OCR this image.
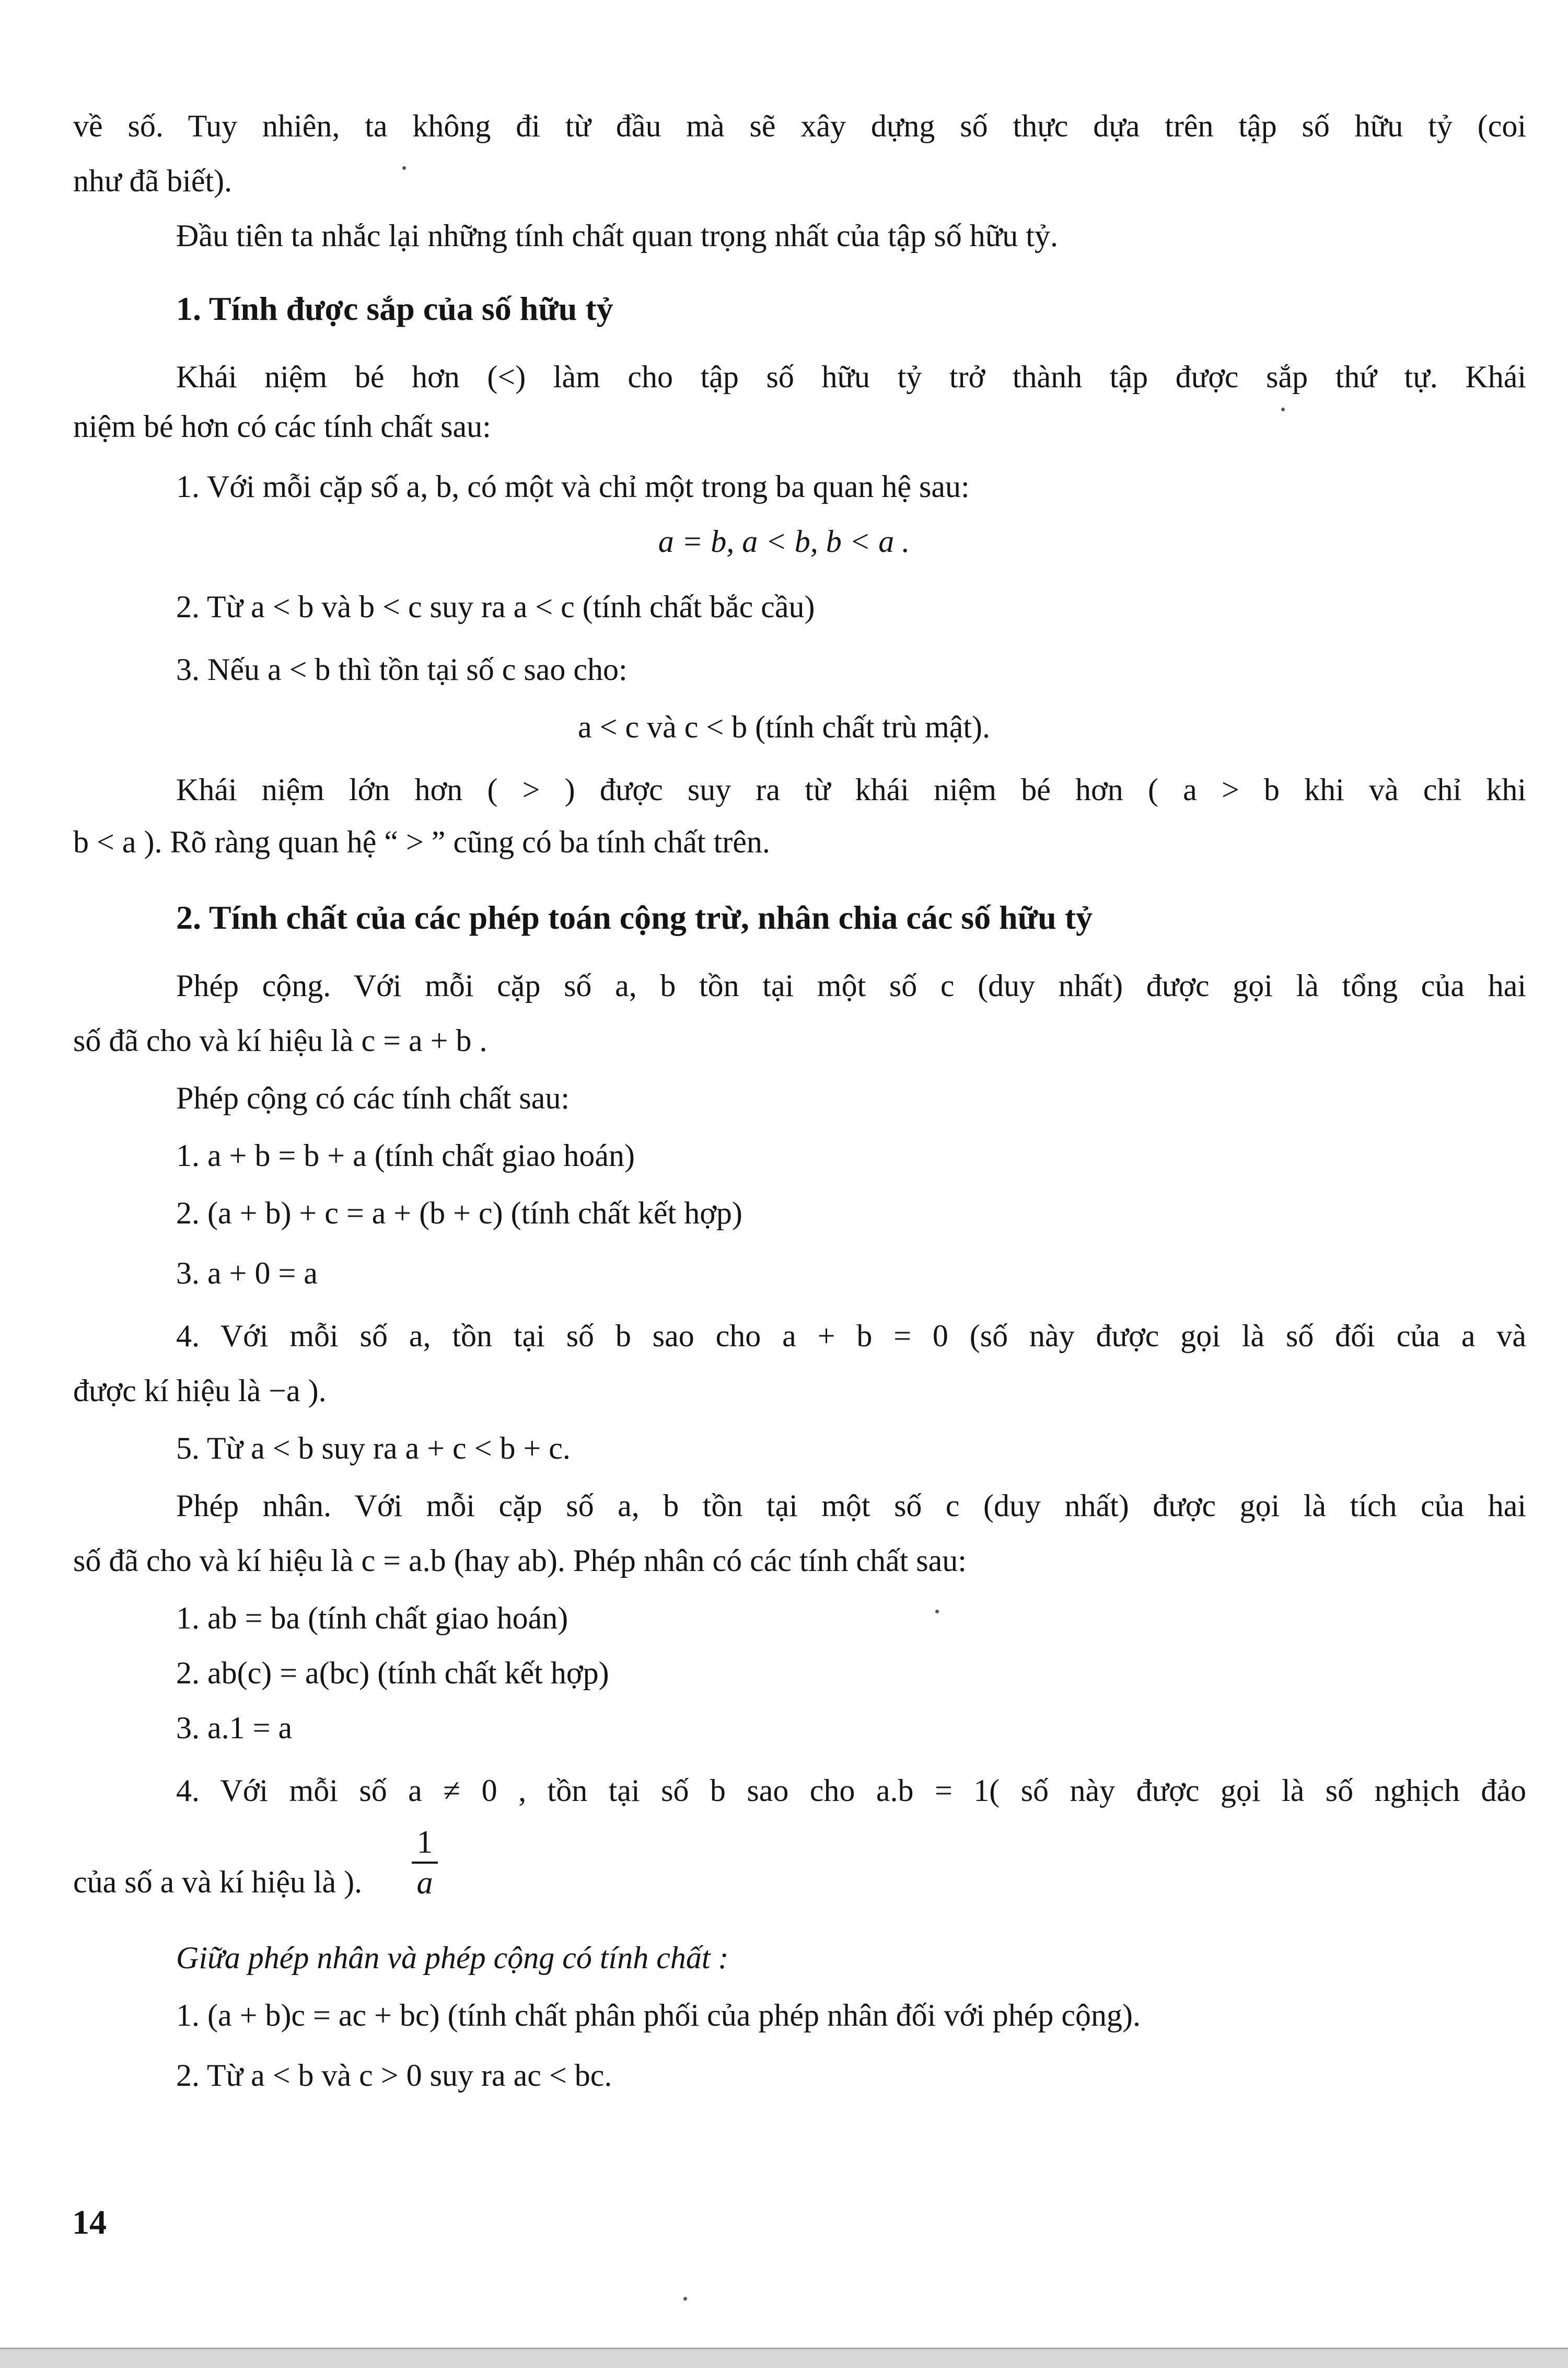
về số. Tuy nhiên, ta không đi từ đầu mà sẽ xây dựng số thực dựa trên tập số hữu tỷ (coi
như đã biết).
Đầu tiên ta nhắc lại những tính chất quan trọng nhất của tập số hữu tỷ.
1. Tính được sắp của số hữu tỷ
Khái niệm bé hơn (<) làm cho tập số hữu tỷ trở thành tập được sắp thứ tự. Khái
niệm bé hơn có các tính chất sau:
1. Với mỗi cặp số a, b, có một và chỉ một trong ba quan hệ sau:
a = b, a < b, b < a .
2. Từ a < b và b < c suy ra a < c (tính chất bắc cầu)
3. Nếu a < b thì tồn tại số c sao cho:
a < c và c < b (tính chất trù mật).
Khái niệm lớn hơn ( > ) được suy ra từ khái niệm bé hơn ( a > b khi và chỉ khi
b < a ). Rõ ràng quan hệ “ > ” cũng có ba tính chất trên.
2. Tính chất của các phép toán cộng trừ, nhân chia các số hữu tỷ
Phép cộng. Với mỗi cặp số a, b tồn tại một số c (duy nhất) được gọi là tổng của hai
số đã cho và kí hiệu là c = a + b .
Phép cộng có các tính chất sau:
1. a + b = b + a (tính chất giao hoán)
2. (a + b) + c = a + (b + c) (tính chất kết hợp)
3. a + 0 = a
4. Với mỗi số a, tồn tại số b sao cho a + b = 0 (số này được gọi là số đối của a và
được kí hiệu là −a ).
5. Từ a < b suy ra a + c < b + c.
Phép nhân. Với mỗi cặp số a, b tồn tại một số c (duy nhất) được gọi là tích của hai
số đã cho và kí hiệu là c = a.b (hay ab). Phép nhân có các tính chất sau:
1. ab = ba (tính chất giao hoán)
2. ab(c) = a(bc) (tính chất kết hợp)
3. a.1 = a
4. Với mỗi số a ≠ 0 , tồn tại số b sao cho a.b = 1( số này được gọi là số nghịch đảo
của số a và kí hiệu là ).
1
a
Giữa phép nhân và phép cộng có tính chất :
1. (a + b)c = ac + bc) (tính chất phân phối của phép nhân đối với phép cộng).
2. Từ a < b và c > 0 suy ra ac < bc.
14
